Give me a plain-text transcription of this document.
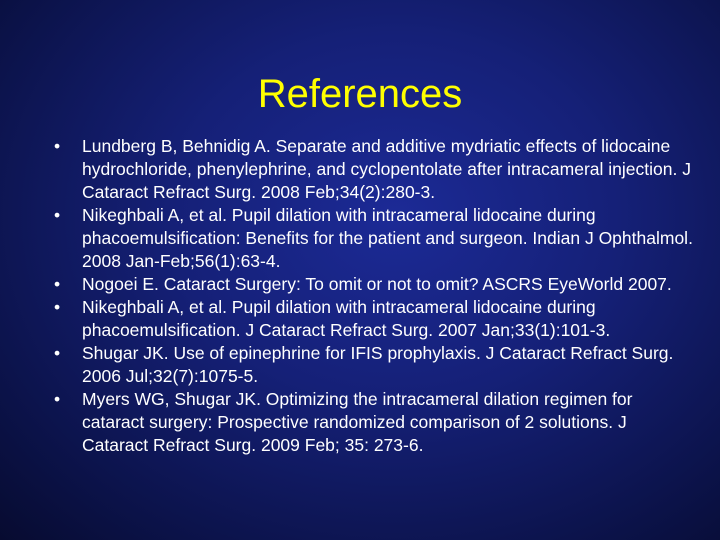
References
• Lundberg B, Behnidig A. Separate and additive mydriatic effects of lidocaine hydrochloride, phenylephrine, and cyclopentolate after intracameral injection. J Cataract Refract Surg. 2008 Feb;34(2):280-3.
• Nikeghbali A, et al. Pupil dilation with intracameral lidocaine during phacoemulsification: Benefits for the patient and surgeon. Indian J Ophthalmol. 2008 Jan-Feb;56(1):63-4.
• Nogoei E. Cataract Surgery: To omit or not to omit? ASCRS EyeWorld 2007.
• Nikeghbali A, et al. Pupil dilation with intracameral lidocaine during phacoemulsification. J Cataract Refract Surg. 2007 Jan;33(1):101-3.
• Shugar JK. Use of epinephrine for IFIS prophylaxis. J Cataract Refract Surg. 2006 Jul;32(7):1075-5.
• Myers WG, Shugar JK. Optimizing the intracameral dilation regimen for cataract surgery: Prospective randomized comparison of 2 solutions. J Cataract Refract Surg. 2009 Feb; 35: 273-6.
